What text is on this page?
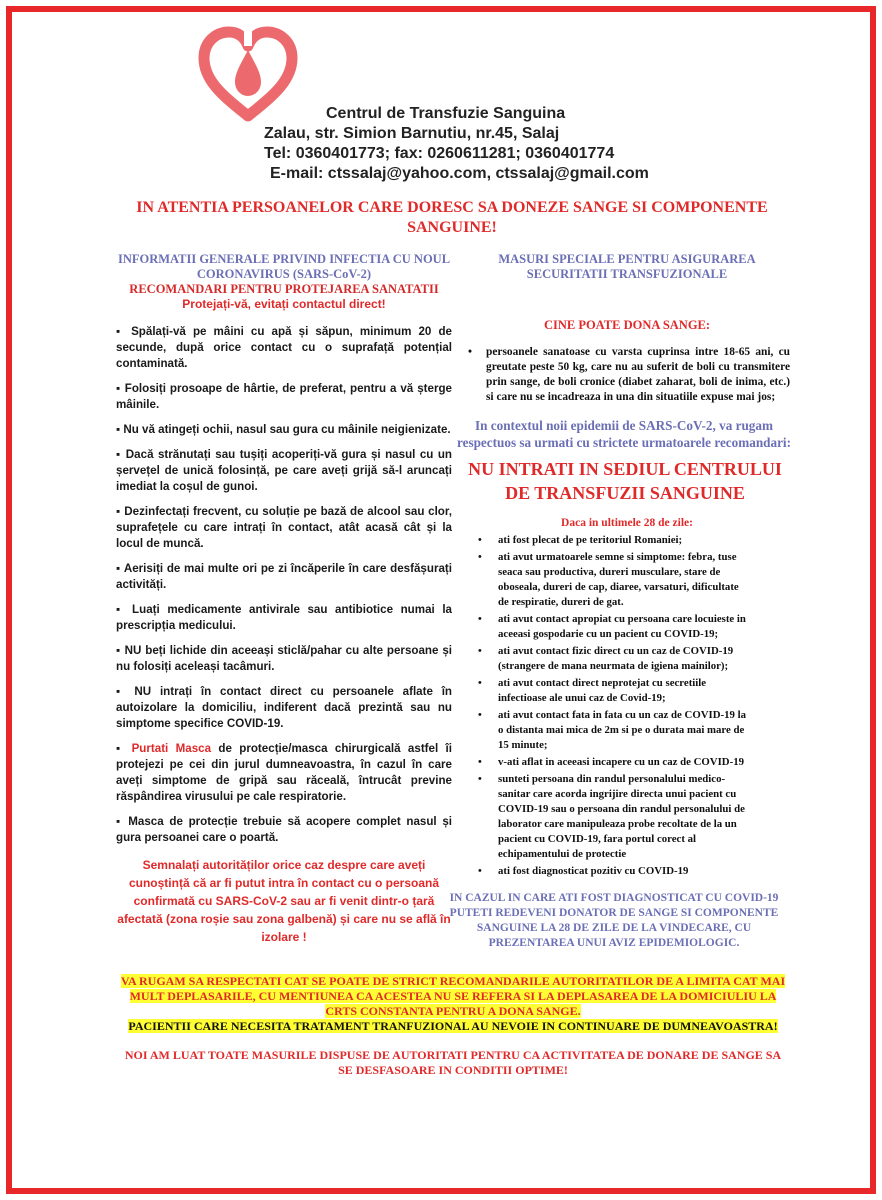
Centrul de Transfuzie Sanguina
Zalau, str. Simion Barnutiu, nr.45, Salaj
Tel: 0360401773; fax: 0260611281; 0360401774
E-mail: ctssalaj@yahoo.com, ctssalaj@gmail.com
IN ATENTIA PERSOANELOR CARE DORESC SA DONEZE SANGE SI COMPONENTE SANGUINE!
INFORMATII GENERALE PRIVIND INFECTIA CU NOUL CORONAVIRUS (SARS-CoV-2)
RECOMANDARI PENTRU PROTEJAREA SANATATII
Protejați-vă, evitați contactul direct!
▪ Spălați-vă pe mâini cu apă și săpun, minimum 20 de secunde, după orice contact cu o suprafață potențial contaminată.
▪ Folosiți prosoape de hârtie, de preferat, pentru a vă șterge mâinile.
▪ Nu vă atingeți ochii, nasul sau gura cu mâinile neigienizate.
▪ Dacă strănutați sau tușiți acoperiți-vă gura și nasul cu un șervețel de unică folosință, pe care aveți grijă să-l aruncați imediat la coșul de gunoi.
▪ Dezinfectați frecvent, cu soluție pe bază de alcool sau clor, suprafețele cu care intrați în contact, atât acasă cât și la locul de muncă.
▪ Aerisiți de mai multe ori pe zi încăperile în care desfășurați activități.
▪ Luați medicamente antivirale sau antibiotice numai la prescripția medicului.
▪ NU beți lichide din aceeași sticlă/pahar cu alte persoane și nu folosiți aceleași tacâmuri.
▪ NU intrați în contact direct cu persoanele aflate în autoizolare la domiciliu, indiferent dacă prezintă sau nu simptome specifice COVID-19.
▪ Purtati Masca de protecție/masca chirurgicală astfel îi protejezi pe cei din jurul dumneavoastra, în cazul în care aveți simptome de gripă sau răceală, întrucât previne răspândirea virusului pe cale respiratorie.
▪ Masca de protecție trebuie să acopere complet nasul și gura persoanei care o poartă.
Semnalați autorităților orice caz despre care aveți cunoștință că ar fi putut intra în contact cu o persoană confirmată cu SARS-CoV-2 sau ar fi venit dintr-o țară afectată (zona roșie sau zona galbenă) și care nu se află în izolare !
MASURI SPECIALE PENTRU ASIGURAREA SECURITATII TRANSFUZIONALE
CINE POATE DONA SANGE:
• persoanele sanatoase cu varsta cuprinsa intre 18-65 ani, cu greutate peste 50 kg, care nu au suferit de boli cu transmitere prin sange, de boli cronice (diabet zaharat, boli de inima, etc.) si care nu se incadreaza in una din situatiile expuse mai jos;
In contextul noii epidemii de SARS-CoV-2, va rugam respectuos sa urmati cu strictete urmatoarele recomandari:
NU INTRATI IN SEDIUL CENTRULUI DE TRANSFUZII SANGUINE
Daca in ultimele 28 de zile:
• ati fost plecat de pe teritoriul Romaniei;
• ati avut urmatoarele semne si simptome: febra, tuse seaca sau productiva, dureri musculare, stare de oboseala, dureri de cap, diaree, varsaturi, dificultate de respiratie, dureri de gat.
• ati avut contact apropiat cu persoana care locuieste in aceeasi gospodarie cu un pacient cu COVID-19;
• ati avut contact fizic direct cu un caz de COVID-19 (strangere de mana neurmata de igiena mainilor);
• ati avut contact direct neprotejat cu secretiile infectioase ale unui caz de Covid-19;
• ati avut contact fata in fata cu un caz de COVID-19 la o distanta mai mica de 2m si pe o durata mai mare de 15 minute;
• v-ati aflat in aceeasi incapere cu un caz de COVID-19
• sunteti persoana din randul personalului medico-sanitar care acorda ingrijire directa unui pacient cu COVID-19 sau o persoana din randul personalului de laborator care manipuleaza probe recoltate de la un pacient cu COVID-19, fara portul corect al echipamentului de protectie
• ati fost diagnosticat pozitiv cu COVID-19
IN CAZUL IN CARE ATI FOST DIAGNOSTICAT CU COVID-19 PUTETI REDEVENI DONATOR DE SANGE SI COMPONENTE SANGUINE LA 28 DE ZILE DE LA VINDECARE, CU PREZENTAREA UNUI AVIZ EPIDEMIOLOGIC.
VA RUGAM SA RESPECTATI CAT SE POATE DE STRICT RECOMANDARILE AUTORITATILOR DE A LIMITA CAT MAI MULT DEPLASARILE, CU MENTIUNEA CA ACESTEA NU SE REFERA SI LA DEPLASAREA DE LA DOMICIULIU LA CRTS CONSTANTA PENTRU A DONA SANGE.
PACIENTII CARE NECESITA TRATAMENT TRANFUZIONAL AU NEVOIE IN CONTINUARE DE DUMNEAVOASTRA!
NOI AM LUAT TOATE MASURILE DISPUSE DE AUTORITATI PENTRU CA ACTIVITATEA DE DONARE DE SANGE SA SE DESFASOARE IN CONDITII OPTIME!
